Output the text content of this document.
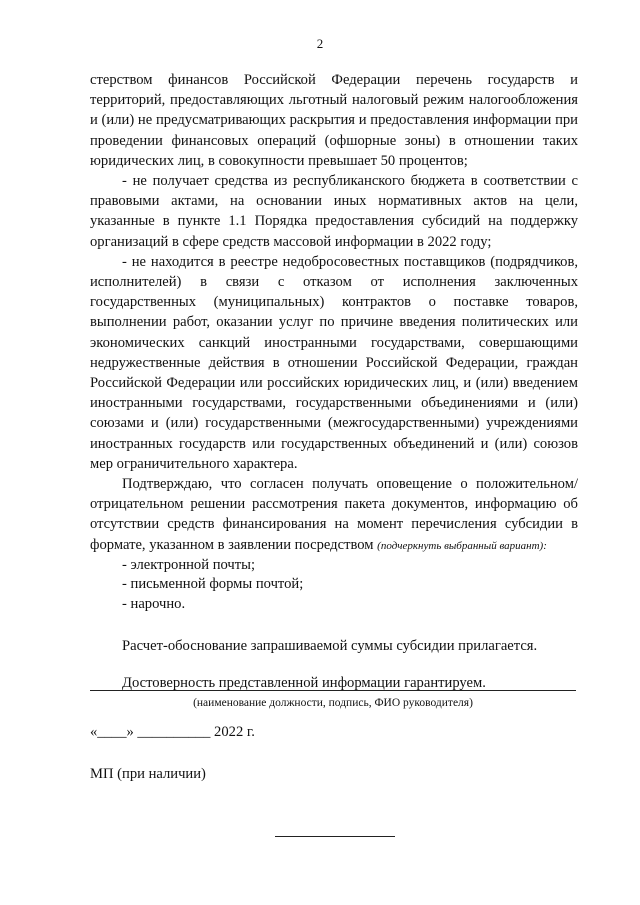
2

стерством финансов Российской Федерации перечень государств и территорий, предоставляющих льготный налоговый режим налогообложения и (или) не предусматривающих раскрытия и предоставления информации при проведении финансовых операций (офшорные зоны) в отношении таких юридических лиц, в совокупности превышает 50 процентов;

- не получает средства из республиканского бюджета в соответствии с правовыми актами, на основании иных нормативных актов на цели, указанные в пункте 1.1 Порядка предоставления субсидий на поддержку организаций в сфере средств массовой информации в 2022 году;

- не находится в реестре недобросовестных поставщиков (подрядчиков, исполнителей) в связи с отказом от исполнения заключенных государственных (муниципальных) контрактов о поставке товаров, выполнении работ, оказании услуг по причине введения политических или экономических санкций иностранными государствами, совершающими недружественные действия в отношении Российской Федерации, граждан Российской Федерации или российских юридических лиц, и (или) введением иностранными государствами, государственными объединениями и (или) союзами и (или) государственными (межгосударственными) учреждениями иностранных государств или государственных объединений и (или) союзов мер ограничительного характера.

Подтверждаю, что согласен получать оповещение о положительном/отрицательном решении рассмотрения пакета документов, информацию об отсутствии средств финансирования на момент перечисления субсидии в формате, указанном в заявлении посредством (подчеркнуть выбранный вариант):

- электронной почты;

- письменной формы почтой;

- нарочно.

Расчет-обоснование запрашиваемой суммы субсидии прилагается.

Достоверность представленной информации гарантируем.

(наименование должности, подпись, ФИО руководителя)
«____» __________ 2022 г.
МП (при наличии)
